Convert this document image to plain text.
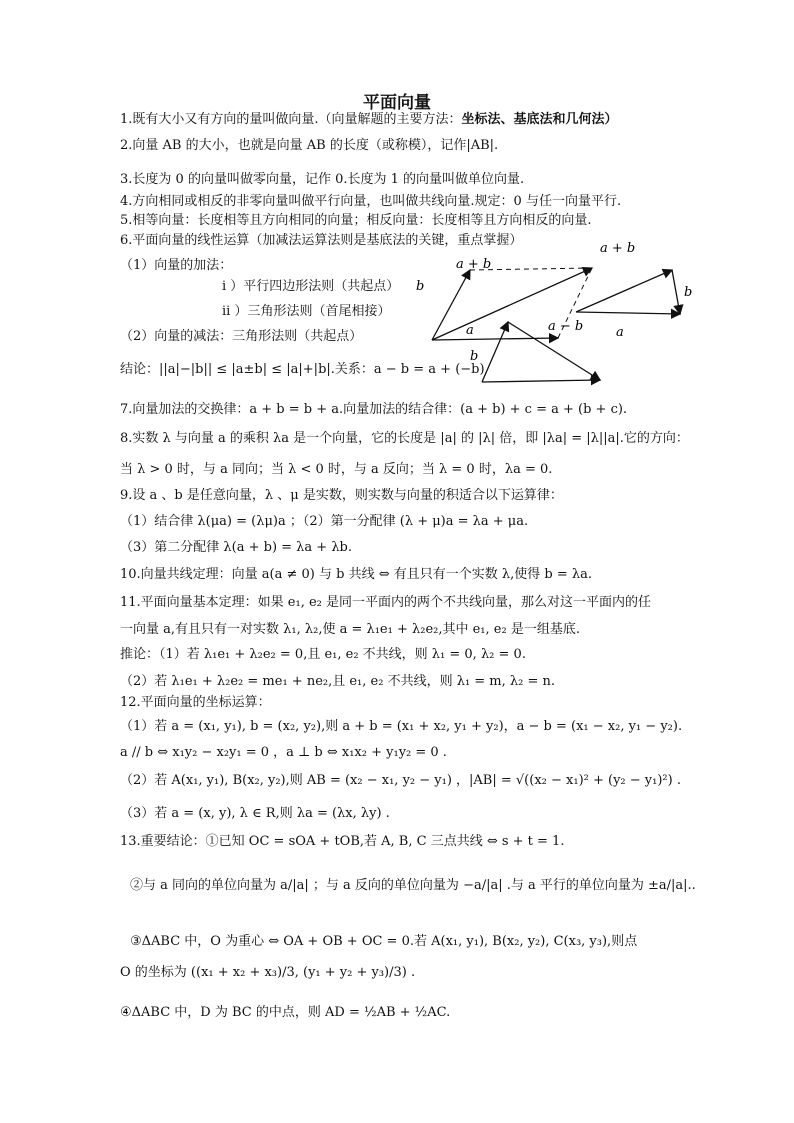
平面向量
1.既有大小又有方向的量叫做向量.（向量解题的主要方法：坐标法、基底法和几何法）
2.向量 AB 的大小，也就是向量 AB 的长度（或称模），记作|AB|.
3.长度为 0 的向量叫做零向量，记作 0.长度为 1 的向量叫做单位向量.
4.方向相同或相反的非零向量叫做平行向量，也叫做共线向量.规定：0 与任一向量平行.
5.相等向量：长度相等且方向相同的向量；相反向量：长度相等且方向相反的向量.
6.平面向量的线性运算（加减法运算法则是基底法的关键，重点掌握）
（1）向量的加法：
i ）平行四边形法则（共起点）
ii ）三角形法则（首尾相接）
（2）向量的减法：三角形法则（共起点）
结论：||a|−|b|| ≤ |a±b| ≤ |a|+|b|.关系：a − b = a + (−b)
a + b
b
a + b
b
a
a − b
a
b
7.向量加法的交换律：a + b = b + a.向量加法的结合律：(a + b) + c = a + (b + c).
8.实数 λ 与向量 a 的乘积 λa 是一个向量，它的长度是 |a| 的 |λ| 倍，即 |λa| = |λ||a|.它的方向：
当 λ > 0 时，与 a 同向；当 λ < 0 时，与 a 反向；当 λ = 0 时，λa = 0.
9.设 a 、b 是任意向量，λ 、μ 是实数，则实数与向量的积适合以下运算律：
（1）结合律 λ(μa) = (λμ)a ；（2）第一分配律 (λ + μ)a = λa + μa.
（3）第二分配律 λ(a + b) = λa + λb.
10.向量共线定理：向量 a(a ≠ 0) 与 b 共线 ⇔ 有且只有一个实数 λ,使得 b = λa.
11.平面向量基本定理：如果 e₁, e₂ 是同一平面内的两个不共线向量，那么对这一平面内的任
一向量 a,有且只有一对实数 λ₁, λ₂,使 a = λ₁e₁ + λ₂e₂,其中 e₁, e₂ 是一组基底.
推论：（1）若 λ₁e₁ + λ₂e₂ = 0,且 e₁, e₂ 不共线，则 λ₁ = 0, λ₂ = 0.
（2）若 λ₁e₁ + λ₂e₂ = me₁ + ne₂,且 e₁, e₂ 不共线，则 λ₁ = m, λ₂ = n.
12.平面向量的坐标运算：
（1）若 a = (x₁, y₁), b = (x₂, y₂),则 a + b = (x₁ + x₂, y₁ + y₂)，a − b = (x₁ − x₂, y₁ − y₂).
a // b ⇔ x₁y₂ − x₂y₁ = 0 ，a ⊥ b ⇔ x₁x₂ + y₁y₂ = 0 .
（2）若 A(x₁, y₁), B(x₂, y₂),则 AB = (x₂ − x₁, y₂ − y₁) ，|AB| = √((x₂ − x₁)² + (y₂ − y₁)²) .
（3）若 a = (x, y), λ ∈ R,则 λa = (λx, λy) .
13.重要结论：①已知 OC = sOA + tOB,若 A, B, C 三点共线 ⇔ s + t = 1.
②与 a 同向的单位向量为 a/|a| ；与 a 反向的单位向量为 −a/|a| .与 a 平行的单位向量为 ±a/|a|..
③ΔABC 中，O 为重心 ⇔ OA + OB + OC = 0.若 A(x₁, y₁), B(x₂, y₂), C(x₃, y₃),则点
O 的坐标为 ((x₁ + x₂ + x₃)/3, (y₁ + y₂ + y₃)/3) .
④ΔABC 中，D 为 BC 的中点，则 AD = ½AB + ½AC.
